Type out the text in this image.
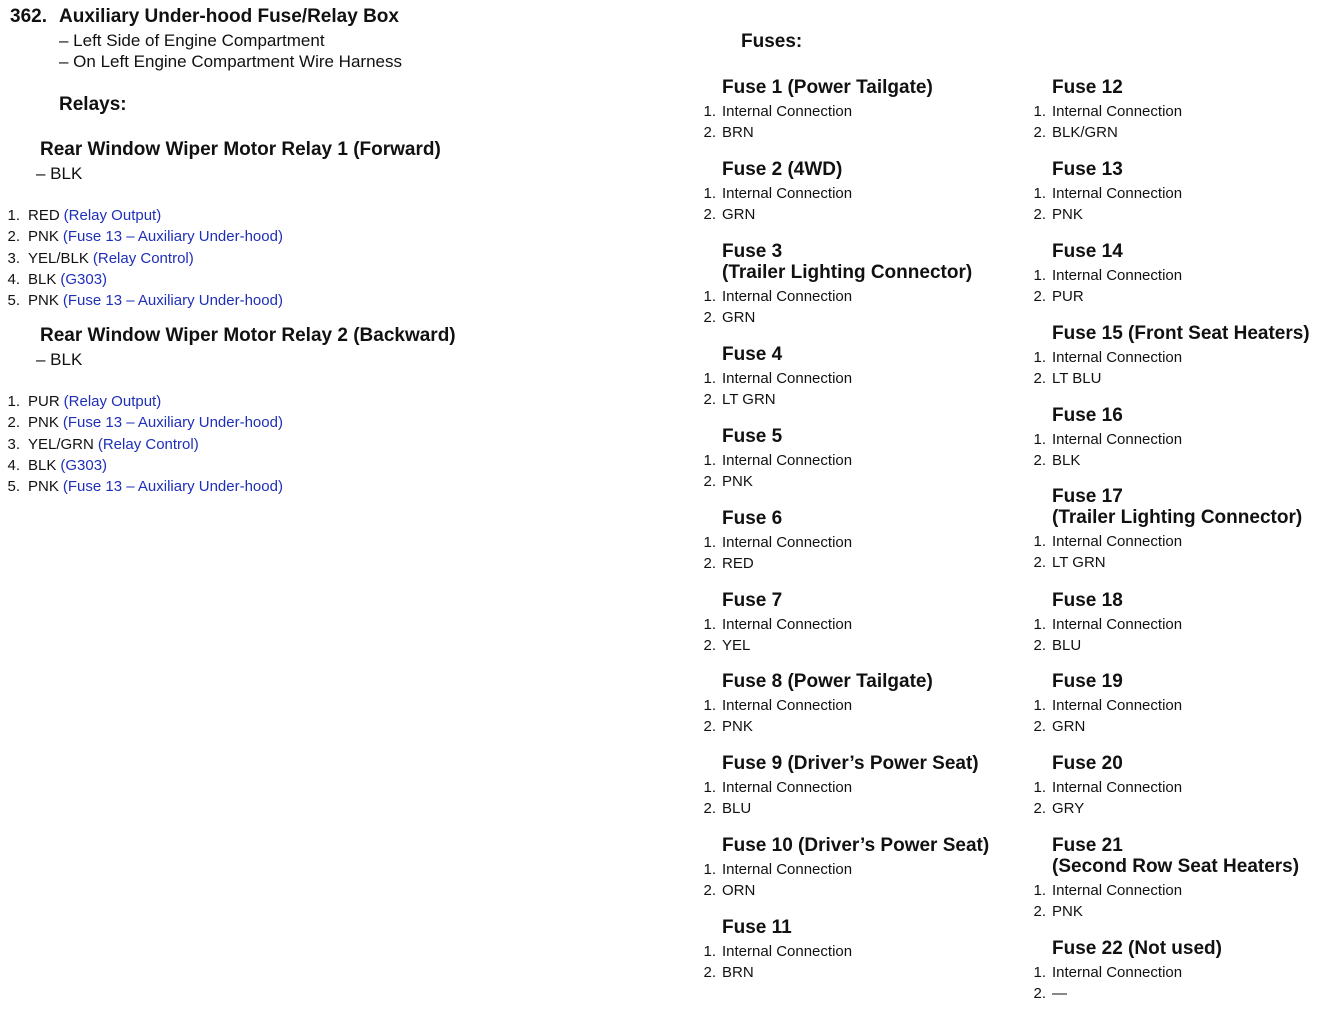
362. Auxiliary Under-hood Fuse/Relay Box
– Left Side of Engine Compartment
– On Left Engine Compartment Wire Harness
Relays:
Fuses:
Rear Window Wiper Motor Relay 1 (Forward)
– BLK
1. RED (Relay Output)
2. PNK (Fuse 13 – Auxiliary Under-hood)
3. YEL/BLK (Relay Control)
4. BLK (G303)
5. PNK (Fuse 13 – Auxiliary Under-hood)
Rear Window Wiper Motor Relay 2 (Backward)
– BLK
1. PUR (Relay Output)
2. PNK (Fuse 13 – Auxiliary Under-hood)
3. YEL/GRN (Relay Control)
4. BLK (G303)
5. PNK (Fuse 13 – Auxiliary Under-hood)
Fuse 1 (Power Tailgate)
1. Internal Connection
2. BRN
Fuse 2 (4WD)
1. Internal Connection
2. GRN
Fuse 3
(Trailer Lighting Connector)
1. Internal Connection
2. GRN
Fuse 4
1. Internal Connection
2. LT GRN
Fuse 5
1. Internal Connection
2. PNK
Fuse 6
1. Internal Connection
2. RED
Fuse 7
1. Internal Connection
2. YEL
Fuse 8 (Power Tailgate)
1. Internal Connection
2. PNK
Fuse 9 (Driver’s Power Seat)
1. Internal Connection
2. BLU
Fuse 10 (Driver’s Power Seat)
1. Internal Connection
2. ORN
Fuse 11
1. Internal Connection
2. BRN
Fuse 12
1. Internal Connection
2. BLK/GRN
Fuse 13
1. Internal Connection
2. PNK
Fuse 14
1. Internal Connection
2. PUR
Fuse 15 (Front Seat Heaters)
1. Internal Connection
2. LT BLU
Fuse 16
1. Internal Connection
2. BLK
Fuse 17
(Trailer Lighting Connector)
1. Internal Connection
2. LT GRN
Fuse 18
1. Internal Connection
2. BLU
Fuse 19
1. Internal Connection
2. GRN
Fuse 20
1. Internal Connection
2. GRY
Fuse 21
(Second Row Seat Heaters)
1. Internal Connection
2. PNK
Fuse 22 (Not used)
1. Internal Connection
2. —
